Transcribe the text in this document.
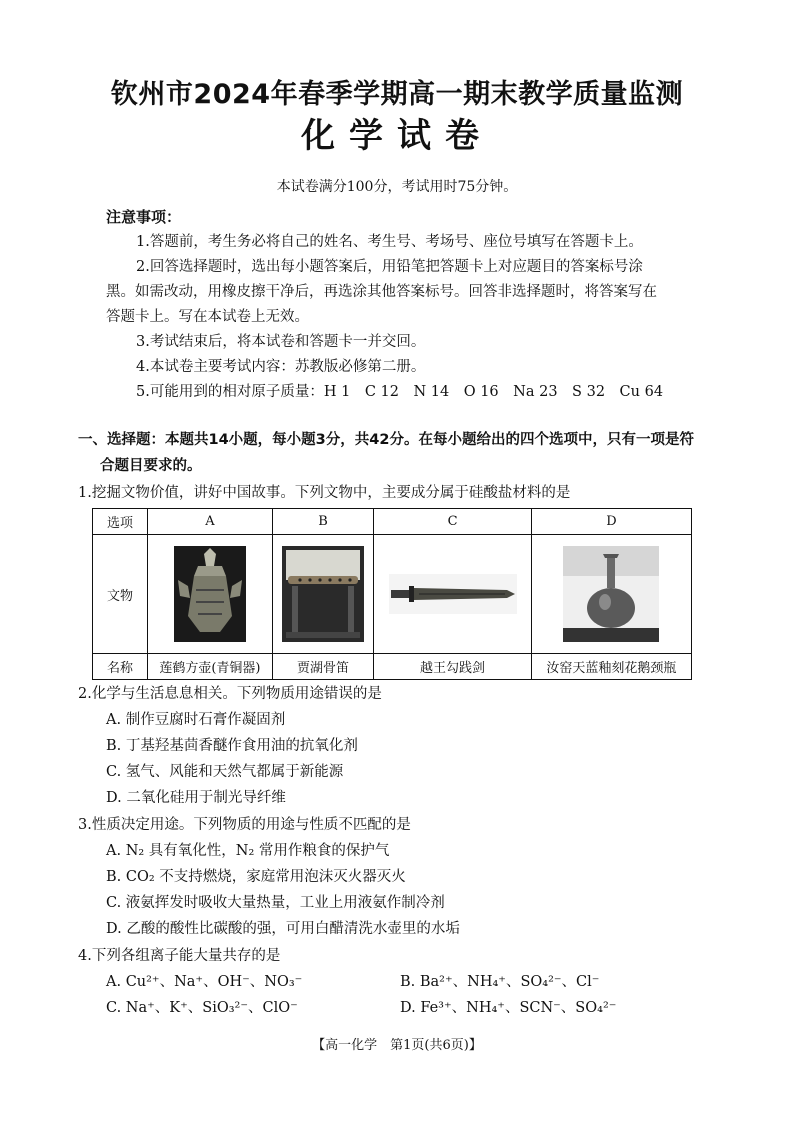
钦州市2024年春季学期高一期末教学质量监测
化学试卷
本试卷满分100分，考试用时75分钟。
注意事项：
1.答题前，考生务必将自己的姓名、考生号、考场号、座位号填写在答题卡上。
2.回答选择题时，选出每小题答案后，用铅笔把答题卡上对应题目的答案标号涂
黑。如需改动，用橡皮擦干净后，再选涂其他答案标号。回答非选择题时，将答案写在
答题卡上。写在本试卷上无效。
3.考试结束后，将本试卷和答题卡一并交回。
4.本试卷主要考试内容：苏教版必修第二册。
5.可能用到的相对原子质量：H 1　C 12　N 14　O 16　Na 23　S 32　Cu 64
一、选择题：本题共14小题，每小题3分，共42分。在每小题给出的四个选项中，只有一项是符
合题目要求的。
1.挖掘文物价值，讲好中国故事。下列文物中，主要成分属于硅酸盐材料的是
选项	A	B	C	D
文物	

名称	莲鹤方壶(青铜器)	贾湖骨笛	越王勾践剑	汝窑天蓝釉刻花鹅颈瓶
2.化学与生活息息相关。下列物质用途错误的是
A. 制作豆腐时石膏作凝固剂
B. 丁基羟基茴香醚作食用油的抗氧化剂
C. 氢气、风能和天然气都属于新能源
D. 二氧化硅用于制光导纤维
3.性质决定用途。下列物质的用途与性质不匹配的是
A. N₂ 具有氧化性，N₂ 常用作粮食的保护气
B. CO₂ 不支持燃烧，家庭常用泡沫灭火器灭火
C. 液氨挥发时吸收大量热量，工业上用液氨作制冷剂
D. 乙酸的酸性比碳酸的强，可用白醋清洗水壶里的水垢
4.下列各组离子能大量共存的是
A. Cu²⁺、Na⁺、OH⁻、NO₃⁻	B. Ba²⁺、NH₄⁺、SO₄²⁻、Cl⁻
C. Na⁺、K⁺、SiO₃²⁻、ClO⁻	D. Fe³⁺、NH₄⁺、SCN⁻、SO₄²⁻
【高一化学　第1页(共6页)】
